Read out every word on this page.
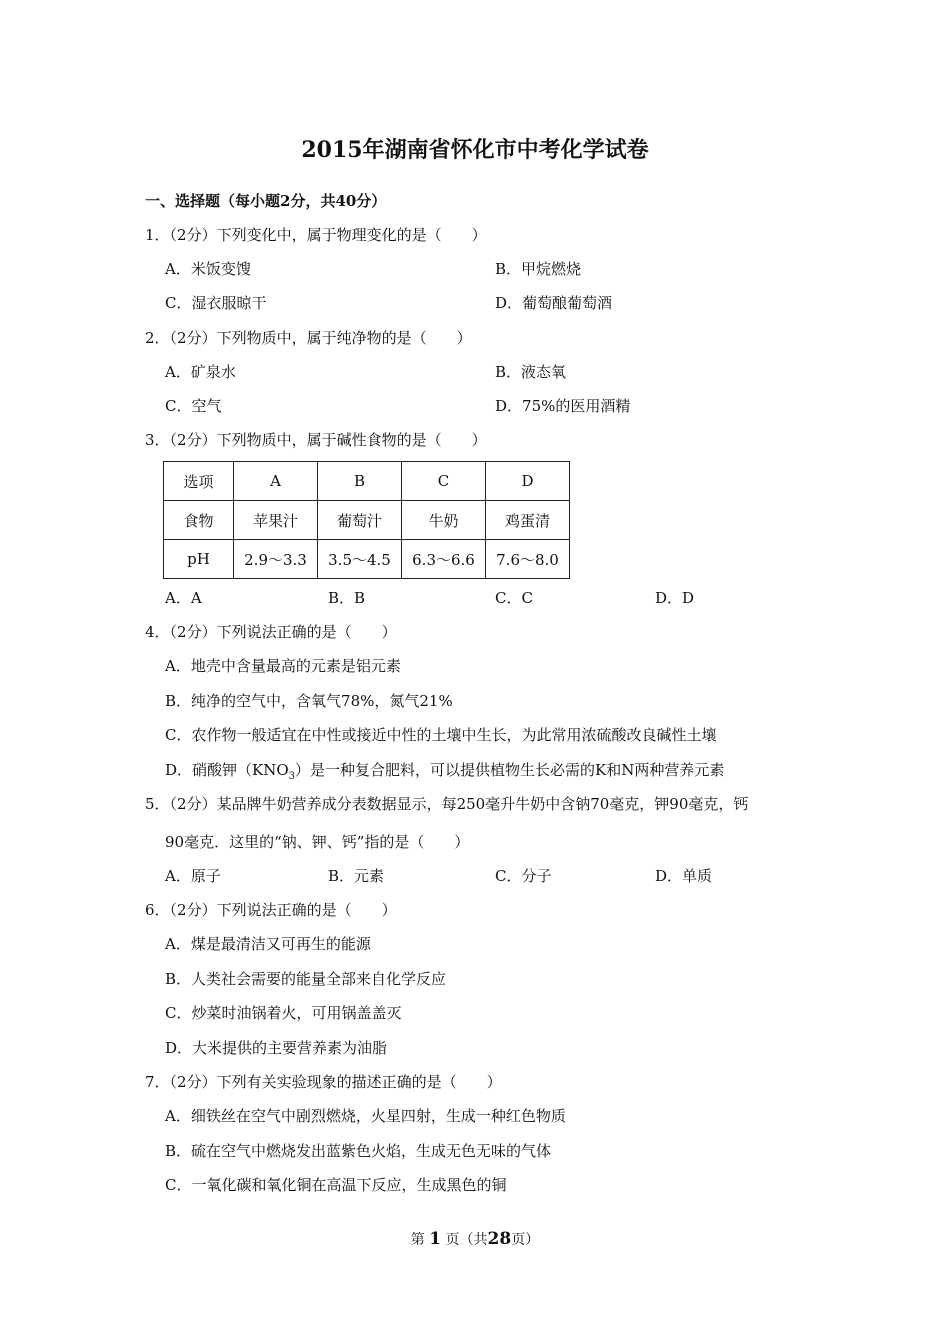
2015年湖南省怀化市中考化学试卷
一、选择题（每小题2分，共40分）
1．（2分）下列变化中，属于物理变化的是（　　）
A．米饭变馊	B．甲烷燃烧
C．湿衣服晾干	D．葡萄酿葡萄酒
2．（2分）下列物质中，属于纯净物的是（　　）
A．矿泉水	B．液态氧
C．空气	D．75%的医用酒精
3．（2分）下列物质中，属于碱性食物的是（　　）
选项	A	B	C	D
食物	苹果汁	葡萄汁	牛奶	鸡蛋清
pH	2.9～3.3	3.5～4.5	6.3～6.6	7.6～8.0
A．A	B．B	C．C	D．D
4．（2分）下列说法正确的是（　　）
A．地壳中含量最高的元素是铝元素
B．纯净的空气中，含氧气78%，氮气21%
C．农作物一般适宜在中性或接近中性的土壤中生长，为此常用浓硫酸改良碱性土壤
D．硝酸钾$(KNO_3)$是一种复合肥料，可以提供植物生长必需的K和N两种营养元素
5．（2分）某品牌牛奶营养成分表数据显示，每250毫升牛奶中含钠70毫克，钾90毫克，钙
90毫克．这里的“钠、钾、钙”指的是（　　）
A．原子	B．元素	C．分子	D．单质
6．（2分）下列说法正确的是（　　）
A．煤是最清洁又可再生的能源
B．人类社会需要的能量全部来自化学反应
C．炒菜时油锅着火，可用锅盖盖灭
D．大米提供的主要营养素为油脂
7．（2分）下列有关实验现象的描述正确的是（　　）
A．细铁丝在空气中剧烈燃烧，火星四射，生成一种红色物质
B．硫在空气中燃烧发出蓝紫色火焰，生成无色无味的气体
C．一氧化碳和氧化铜在高温下反应，生成黑色的铜
第 1 页（共28页）
